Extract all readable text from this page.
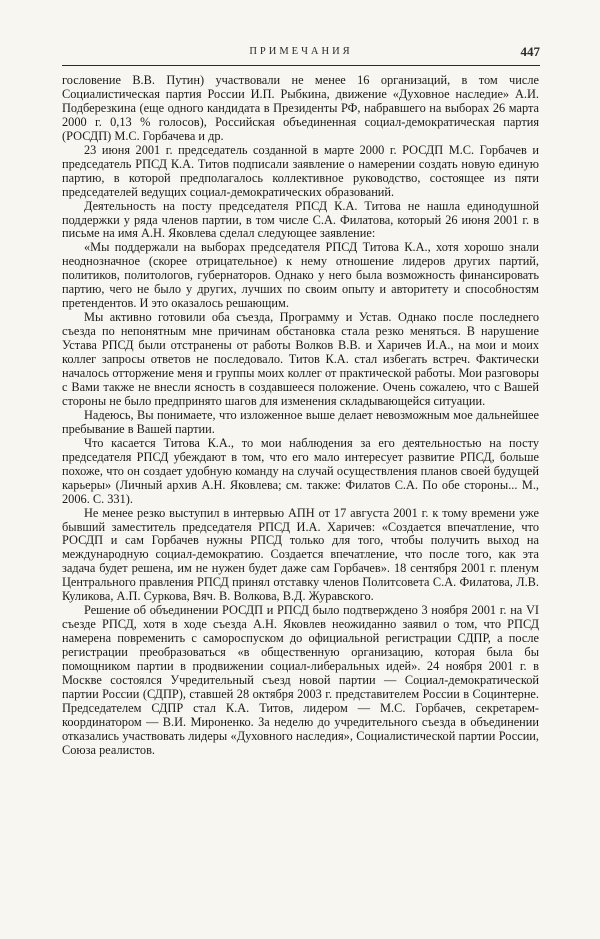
ПРИМЕЧАНИЯ	447

гословение В.В. Путин) участвовали не менее 16 организаций, в том числе Социалистическая партия России И.П. Рыбкина, движение «Духовное наследие» А.И. Подберезкина (еще одного кандидата в Президенты РФ, набравшего на выборах 26 марта 2000 г. 0,13 % голосов), Российская объединенная социал-демократическая партия (РОСДП) М.С. Горбачева и др.

23 июня 2001 г. председатель созданной в марте 2000 г. РОСДП М.С. Горбачев и председатель РПСД К.А. Титов подписали заявление о намерении создать новую единую партию, в которой предполагалось коллективное руководство, состоящее из пяти председателей ведущих социал-демократических образований.

Деятельность на посту председателя РПСД К.А. Титова не нашла единодушной поддержки у ряда членов партии, в том числе С.А. Филатова, который 26 июня 2001 г. в письме на имя А.Н. Яковлева сделал следующее заявление:

«Мы поддержали на выборах председателя РПСД Титова К.А., хотя хорошо знали неоднозначное (скорее отрицательное) к нему отношение лидеров других партий, политиков, политологов, губернаторов. Однако у него была возможность финансировать партию, чего не было у других, лучших по своим опыту и авторитету и способностям претендентов. И это оказалось решающим.

Мы активно готовили оба съезда, Программу и Устав. Однако после последнего съезда по непонятным мне причинам обстановка стала резко меняться. В нарушение Устава РПСД были отстранены от работы Волков В.В. и Харичев И.А., на мои и моих коллег запросы ответов не последовало. Титов К.А. стал избегать встреч. Фактически началось отторжение меня и группы моих коллег от практической работы. Мои разговоры с Вами также не внесли ясность в создавшееся положение. Очень сожалею, что с Вашей стороны не было предпринято шагов для изменения складывающейся ситуации.

Надеюсь, Вы понимаете, что изложенное выше делает невозможным мое дальнейшее пребывание в Вашей партии.

Что касается Титова К.А., то мои наблюдения за его деятельностью на посту председателя РПСД убеждают в том, что его мало интересует развитие РПСД, больше похоже, что он создает удобную команду на случай осуществления планов своей будущей карьеры» (Личный архив А.Н. Яковлева; см. также: Филатов С.А. По обе стороны... М., 2006. С. 331).

Не менее резко выступил в интервью АПН от 17 августа 2001 г. к тому времени уже бывший заместитель председателя РПСД И.А. Харичев: «Создается впечатление, что РОСДП и сам Горбачев нужны РПСД только для того, чтобы получить выход на международную социал-демократию. Создается впечатление, что после того, как эта задача будет решена, им не нужен будет даже сам Горбачев». 18 сентября 2001 г. пленум Центрального правления РПСД принял отставку членов Политсовета С.А. Филатова, Л.В. Куликова, А.П. Суркова, Вяч. В. Волкова, В.Д. Журавского.

Решение об объединении РОСДП и РПСД было подтверждено 3 ноября 2001 г. на VI съезде РПСД, хотя в ходе съезда А.Н. Яковлев неожиданно заявил о том, что РПСД намерена повременить с самороспуском до официальной регистрации СДПР, а после регистрации преобразоваться «в общественную организацию, которая была бы помощником партии в продвижении социал-либеральных идей». 24 ноября 2001 г. в Москве состоялся Учредительный съезд новой партии — Социал-демократической партии России (СДПР), ставшей 28 октября 2003 г. представителем России в Социнтерне. Председателем СДПР стал К.А. Титов, лидером — М.С. Горбачев, секретарем-координатором — В.И. Мироненко. За неделю до учредительного съезда в объединении отказались участвовать лидеры «Духовного наследия», Социалистической партии России, Союза реалистов.
